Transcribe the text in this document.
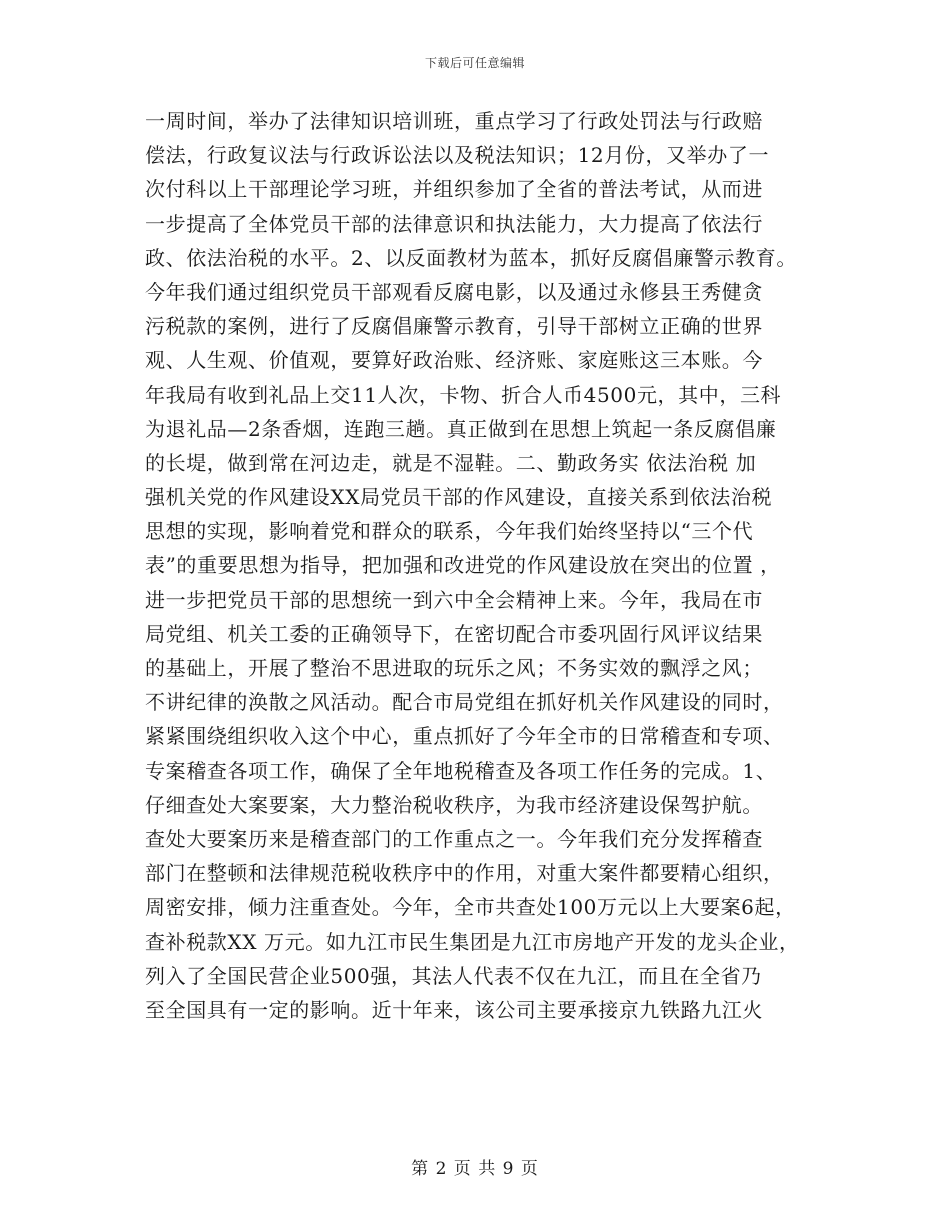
下载后可任意编辑
一周时间，举办了法律知识培训班，重点学习了行政处罚法与行政赔
偿法，行政复议法与行政诉讼法以及税法知识；12月份，又举办了一
次付科以上干部理论学习班，并组织参加了全省的普法考试，从而进
一步提高了全体党员干部的法律意识和执法能力，大力提高了依法行
政、依法治税的水平。2、以反面教材为蓝本，抓好反腐倡廉警示教育。
今年我们通过组织党员干部观看反腐电影，以及通过永修县王秀健贪
污税款的案例，进行了反腐倡廉警示教育，引导干部树立正确的世界
观、人生观、价值观，要算好政治账、经济账、家庭账这三本账。今
年我局有收到礼品上交11人次，卡物、折合人币4500元，其中，三科
为退礼品—2条香烟，连跑三趟。真正做到在思想上筑起一条反腐倡廉
的长堤，做到常在河边走，就是不湿鞋。二、勤政务实 依法治税 加
强机关党的作风建设XX局党员干部的作风建设，直接关系到依法治税
思想的实现，影响着党和群众的联系，今年我们始终坚持以“三个代
表”的重要思想为指导，把加强和改进党的作风建设放在突出的位置 ，
进一步把党员干部的思想统一到六中全会精神上来。今年，我局在市
局党组、机关工委的正确领导下，在密切配合市委巩固行风评议结果
的基础上，开展了整治不思进取的玩乐之风；不务实效的飘浮之风；
不讲纪律的涣散之风活动。配合市局党组在抓好机关作风建设的同时，
紧紧围绕组织收入这个中心，重点抓好了今年全市的日常稽查和专项、
专案稽查各项工作，确保了全年地税稽查及各项工作任务的完成。1、
仔细查处大案要案，大力整治税收秩序，为我市经济建设保驾护航。
查处大要案历来是稽查部门的工作重点之一。今年我们充分发挥稽查
部门在整顿和法律规范税收秩序中的作用，对重大案件都要精心组织，
周密安排，倾力注重查处。今年，全市共查处100万元以上大要案6起，
查补税款XX 万元。如九江市民生集团是九江市房地产开发的龙头企业，
列入了全国民营企业500强，其法人代表不仅在九江，而且在全省乃
至全国具有一定的影响。近十年来，该公司主要承接京九铁路九江火
第 2 页 共 9 页
